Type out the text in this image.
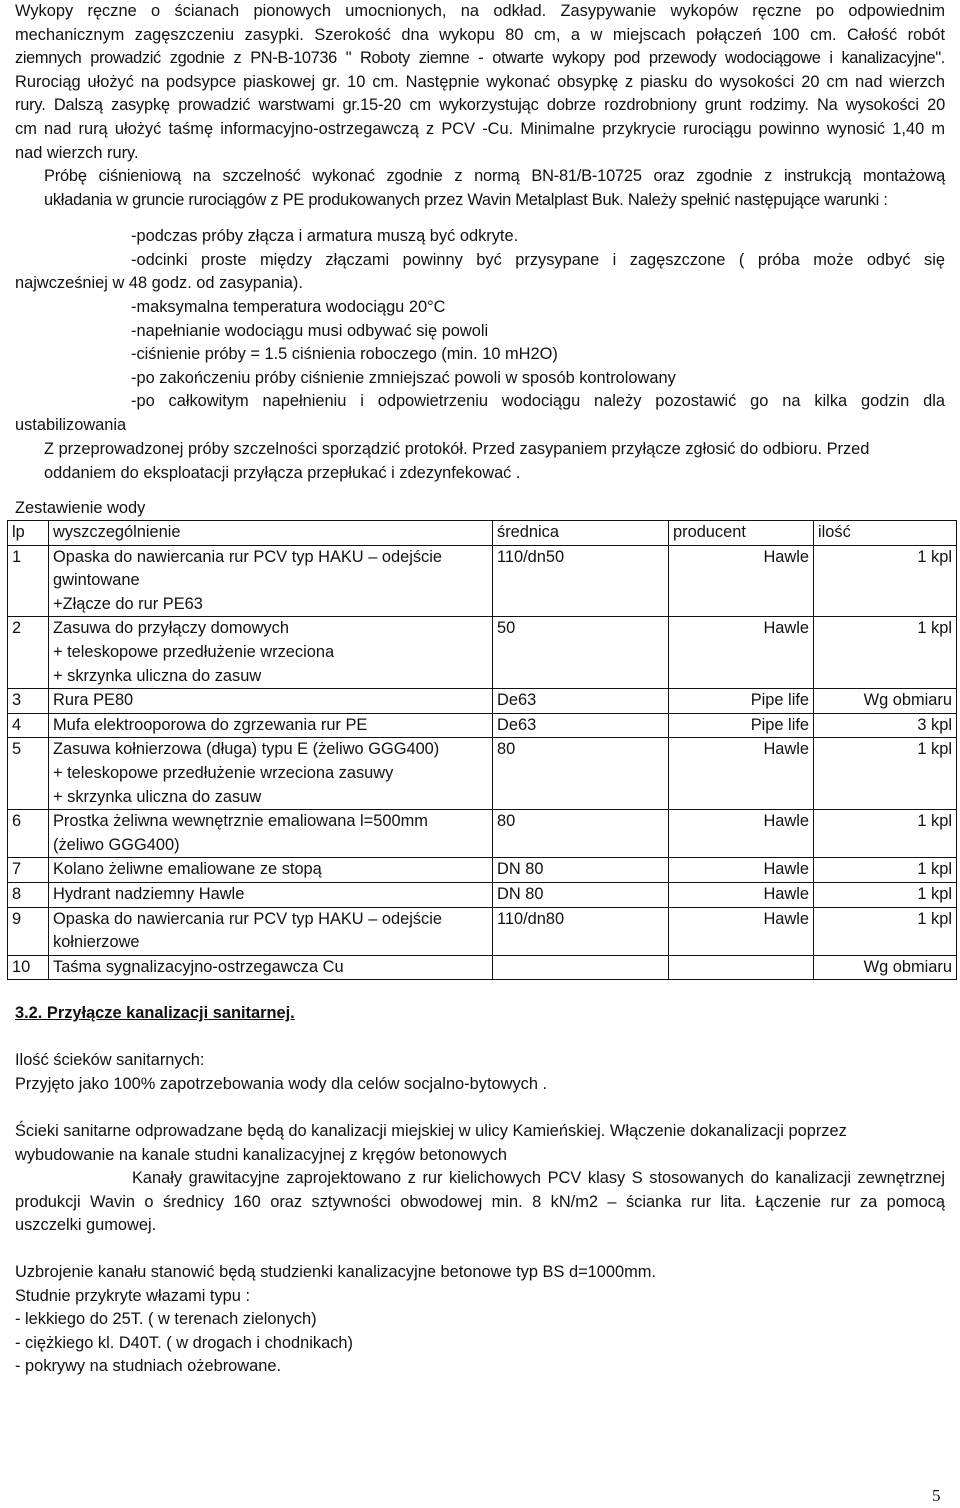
Wykopy ręczne o ścianach pionowych umocnionych, na odkład. Zasypywanie wykopów ręczne po odpowiednim
mechanicznym zagęszczeniu zasypki. Szerokość dna wykopu 80 cm, a w miejscach połączeń 100 cm. Całość robót
ziemnych prowadzić zgodnie z PN-B-10736 " Roboty ziemne - otwarte wykopy pod przewody wodociągowe i kanalizacyjne".
Rurociąg ułożyć na podsypce piaskowej gr. 10 cm. Następnie wykonać obsypkę z piasku do wysokości 20 cm nad wierzch
rury. Dalszą zasypkę prowadzić warstwami gr.15-20 cm wykorzystując dobrze rozdrobniony grunt rodzimy. Na wysokości 20
cm nad rurą ułożyć taśmę informacyjno-ostrzegawczą z PCV -Cu. Minimalne przykrycie rurociągu powinno wynosić 1,40 m
nad wierzch rury.
Próbę ciśnieniową na szczelność wykonać zgodnie z normą BN-81/B-10725 oraz zgodnie z instrukcją montażową
układania w gruncie rurociągów z PE produkowanych przez Wavin Metalplast Buk. Należy spełnić następujące warunki :
-podczas próby złącza i armatura muszą być odkryte.
-odcinki proste między złączami powinny być przysypane i zagęszczone ( próba może odbyć się
najwcześniej w 48 godz. od zasypania).
-maksymalna temperatura wodociągu 20°C
-napełnianie wodociągu musi odbywać się powoli
-ciśnienie próby = 1.5 ciśnienia roboczego (min. 10 mH2O)
-po zakończeniu próby ciśnienie zmniejszać powoli w sposób kontrolowany
-po całkowitym napełnieniu i odpowietrzeniu wodociągu należy pozostawić go na kilka godzin dla
ustabilizowania
Z przeprowadzonej próby szczelności sporządzić protokół. Przed zasypaniem przyłącze zgłosić do odbioru. Przed
oddaniem do eksploatacji przyłącza przepłukać i zdezynfekować .
Zestawienie wody
lp	wyszczególnienie	średnica	producent	ilość
1	Opaska do nawiercania rur PCV typ HAKU – odejście
gwintowane
+Złącze do rur PE63	110/dn50	Hawle	1 kpl
2	Zasuwa do przyłączy domowych
+ teleskopowe przedłużenie wrzeciona
+ skrzynka uliczna do zasuw	50	Hawle	1 kpl
3	Rura PE80	De63	Pipe life	Wg obmiaru
4	Mufa elektrooporowa do zgrzewania rur PE	De63	Pipe life	3 kpl
5	Zasuwa kołnierzowa (długa) typu E (żeliwo GGG400)
+ teleskopowe przedłużenie wrzeciona zasuwy
+ skrzynka uliczna do zasuw	80	Hawle	1 kpl
6	Prostka żeliwna wewnętrznie emaliowana l=500mm
(żeliwo GGG400)	80	Hawle	1 kpl
7	Kolano żeliwne emaliowane ze stopą	DN 80	Hawle	1 kpl
8	Hydrant nadziemny Hawle	DN 80	Hawle	1 kpl
9	Opaska do nawiercania rur PCV typ HAKU – odejście
kołnierzowe	110/dn80	Hawle	1 kpl
10	Taśma sygnalizacyjno-ostrzegawcza Cu			Wg obmiaru
3.2. Przyłącze kanalizacji sanitarnej.
Ilość ścieków sanitarnych:
Przyjęto jako 100% zapotrzebowania wody dla celów socjalno-bytowych .
Ścieki sanitarne odprowadzane będą do kanalizacji miejskiej w ulicy Kamieńskiej. Włączenie dokanalizacji poprzez
wybudowanie na kanale studni kanalizacyjnej z kręgów betonowych
Kanały grawitacyjne zaprojektowano z rur kielichowych PCV klasy S stosowanych do kanalizacji zewnętrznej
produkcji Wavin o średnicy 160 oraz sztywności obwodowej min. 8 kN/m2 – ścianka rur lita. Łączenie rur za pomocą
uszczelki gumowej.
Uzbrojenie kanału stanowić będą studzienki kanalizacyjne betonowe typ BS d=1000mm.
Studnie przykryte włazami typu :
- lekkiego do 25T. ( w terenach zielonych)
- ciężkiego kl. D40T. ( w drogach i chodnikach)
- pokrywy na studniach ożebrowane.
5
